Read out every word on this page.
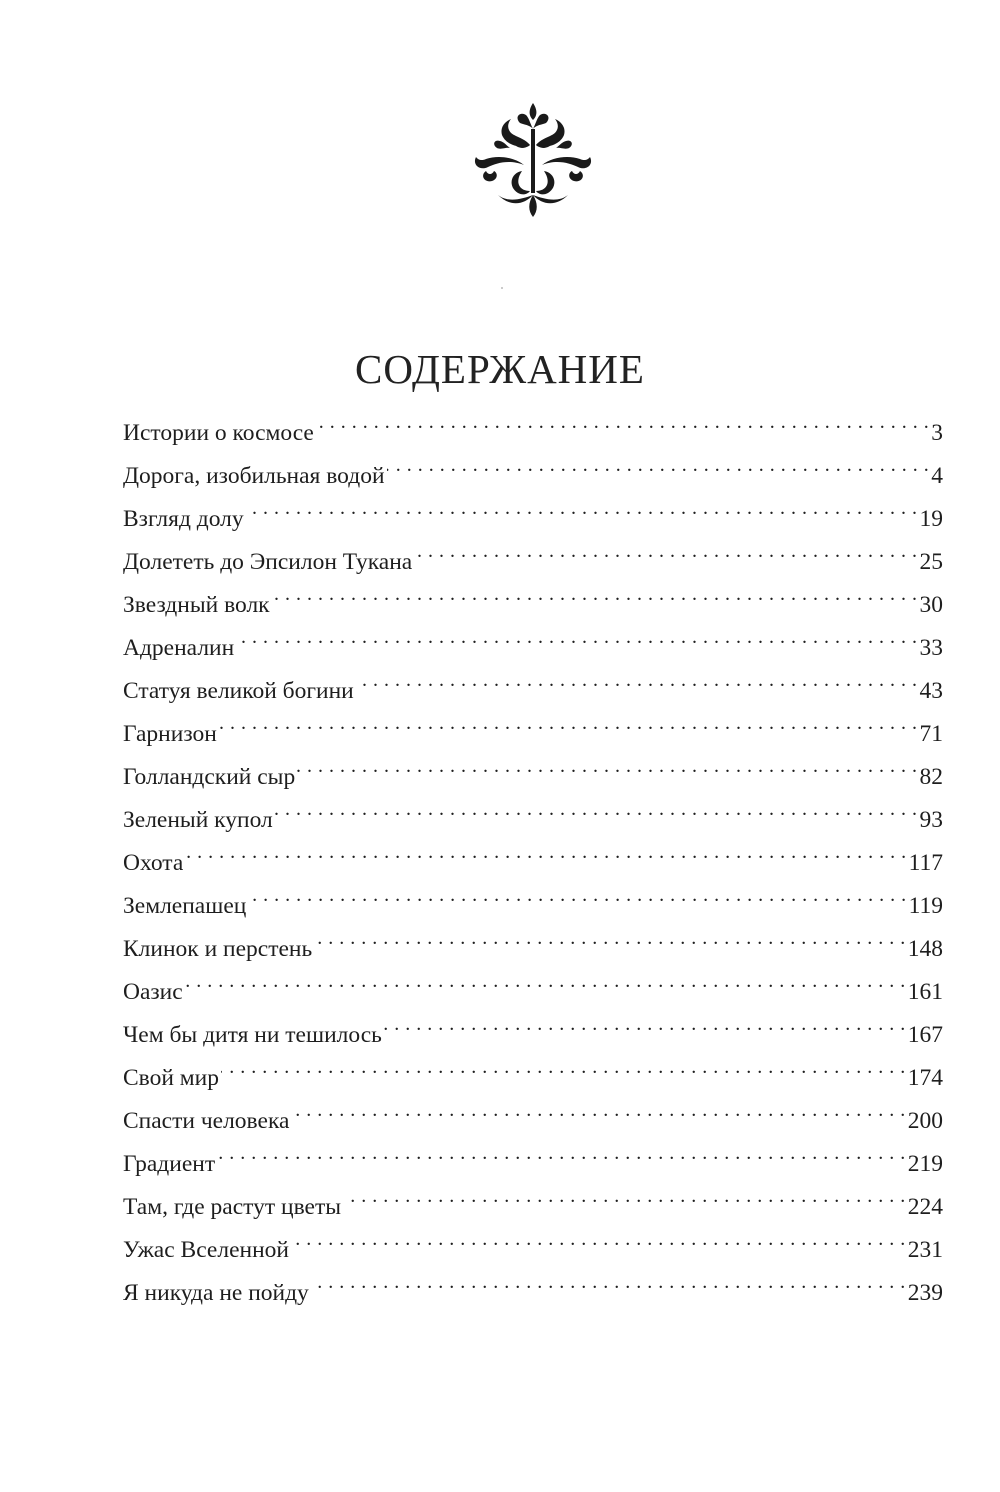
СОДЕРЖАНИЕ
Истории о космосе . . .	3
Дорога, изобильная водой . . .	4
Взгляд долу . . .	19
Долететь до Эпсилон Тукана . . .	25
Звездный волк . . .	30
Адреналин . . .	33
Статуя великой богини . . .	43
Гарнизон . . .	71
Голландский сыр . . .	82
Зеленый купол . . .	93
Охота . . .	117
Землепашец . . .	119
Клинок и перстень . . .	148
Оазис . . .	161
Чем бы дитя ни тешилось . . .	167
Свой мир . . .	174
Спасти человека . . .	200
Градиент . . .	219
Там, где растут цветы . . .	224
Ужас Вселенной . . .	231
Я никуда не пойду . . .	239
